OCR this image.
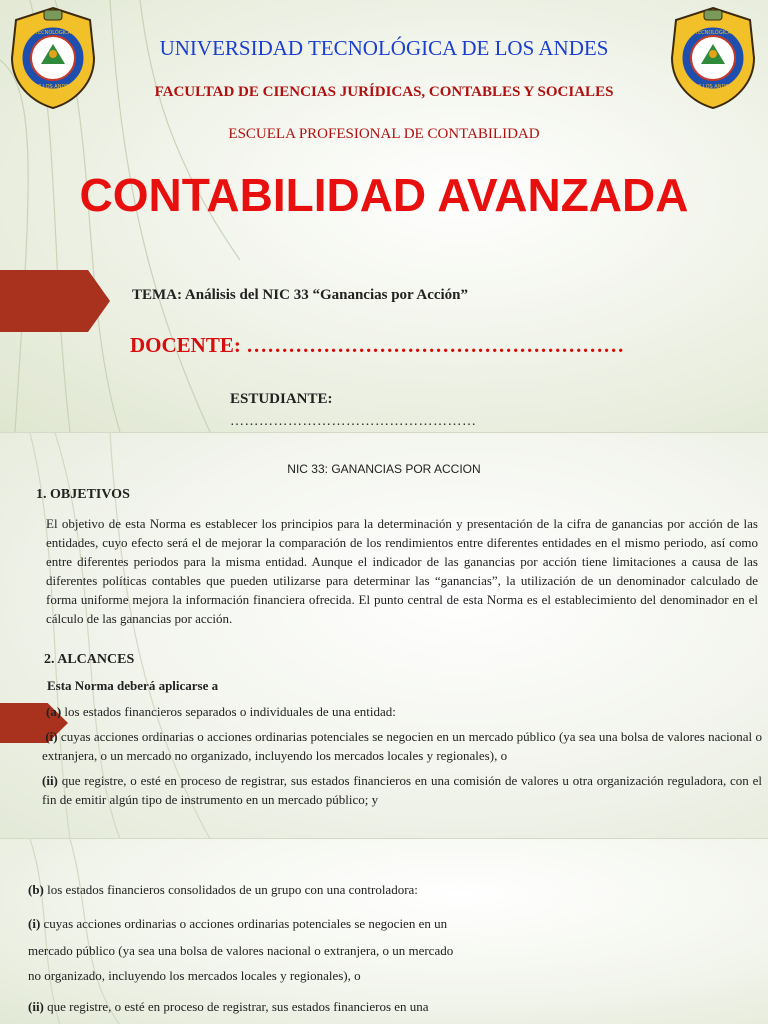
TECNOLÓGICA
DE LOS ANDES
TECNOLÓGICA
DE LOS ANDES
UNIVERSIDAD TECNOLÓGICA DE LOS ANDES
FACULTAD DE CIENCIAS JURÍDICAS, CONTABLES Y SOCIALES
ESCUELA PROFESIONAL DE CONTABILIDAD
CONTABILIDAD AVANZADA
TEMA: Análisis del NIC 33 “Ganancias por Acción”
DOCENTE: ………………………………………………
ESTUDIANTE:
……………………………………………
NIC 33: GANANCIAS POR ACCION
1. OBJETIVOS
El objetivo de esta Norma es establecer los principios para la determinación y presentación de la cifra de ganancias por acción de las entidades, cuyo efecto será el de mejorar la comparación de los rendimientos entre diferentes entidades en el mismo periodo, así como entre diferentes periodos para la misma entidad. Aunque el indicador de las ganancias por acción tiene limitaciones a causa de las diferentes políticas contables que pueden utilizarse para determinar las “ganancias”, la utilización de un denominador calculado de forma uniforme mejora la información financiera ofrecida. El punto central de esta Norma es el establecimiento del denominador en el cálculo de las ganancias por acción.
2. ALCANCES
Esta Norma deberá aplicarse a
(a) los estados financieros separados o individuales de una entidad:
(i) cuyas acciones ordinarias o acciones ordinarias potenciales se negocien en un mercado público (ya sea una bolsa de valores nacional o extranjera, o un mercado no organizado, incluyendo los mercados locales y regionales), o
(ii) que registre, o esté en proceso de registrar, sus estados financieros en una comisión de valores u otra organización reguladora, con el fin de emitir algún tipo de instrumento en un mercado público; y
(b) los estados financieros consolidados de un grupo con una controladora:
(i) cuyas acciones ordinarias o acciones ordinarias potenciales se negocien en un
mercado público (ya sea una bolsa de valores nacional o extranjera, o un mercado
no organizado, incluyendo los mercados locales y regionales), o
(ii) que registre, o esté en proceso de registrar, sus estados financieros en una
